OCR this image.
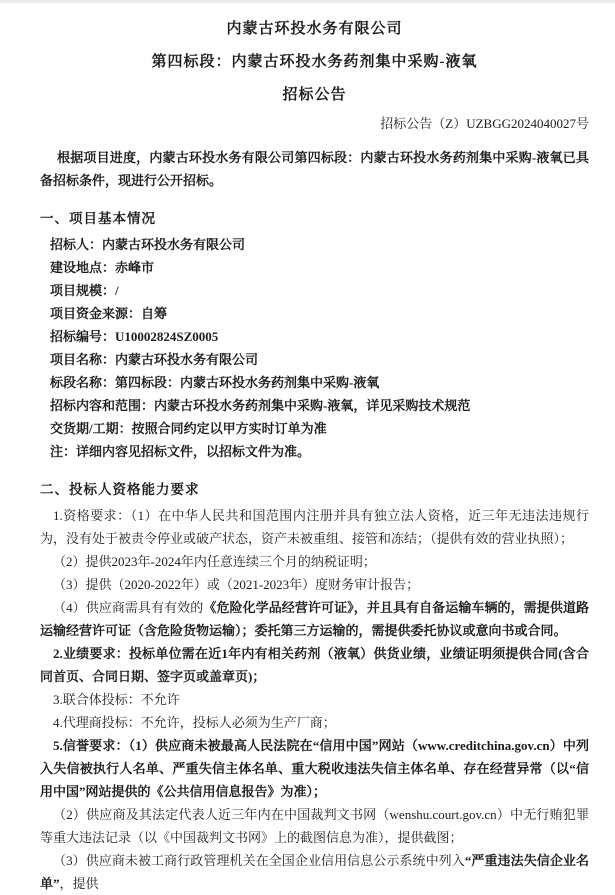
内蒙古环投水务有限公司
第四标段：内蒙古环投水务药剂集中采购-液氧
招标公告
招标公告（Z）UZBGG2024040027号

根据项目进度，内蒙古环投水务有限公司第四标段：内蒙古环投水务药剂集中采购-液氧已具备招标条件，现进行公开招标。

一、项目基本情况
招标人：内蒙古环投水务有限公司
建设地点：赤峰市
项目规模：/
项目资金来源：自筹
招标编号：U10002824SZ0005
项目名称：内蒙古环投水务有限公司
标段名称：第四标段：内蒙古环投水务药剂集中采购-液氧
招标内容和范围：内蒙古环投水务药剂集中采购-液氧，详见采购技术规范
交货期/工期：按照合同约定以甲方实时订单为准
注：详细内容见招标文件，以招标文件为准。
二、投标人资格能力要求

1.资格要求：（1）在中华人民共和国范围内注册并具有独立法人资格，近三年无违法违规行为，没有处于被责令停业或破产状态，资产未被重组、接管和冻结；（提供有效的营业执照）；

（2）提供2023年-2024年内任意连续三个月的纳税证明；

（3）提供（2020-2022年）或（2021-2023年）度财务审计报告；

（4）供应商需具有有效的《危险化学品经营许可证》，并且具有自备运输车辆的，需提供道路运输经营许可证（含危险货物运输）；委托第三方运输的，需提供委托协议或意向书或合同。

2.业绩要求：投标单位需在近1年内有相关药剂（液氧）供货业绩，业绩证明须提供合同(含合同首页、合同日期、签字页或盖章页)；

3.联合体投标：不允许

4.代理商投标：不允许，投标人必须为生产厂商；

5.信誉要求：（1）供应商未被最高人民法院在“信用中国”网站（www.creditchina.gov.cn）中列入失信被执行人名单、严重失信主体名单、重大税收违法失信主体名单、存在经营异常（以“信用中国”网站提供的《公共信用信息报告》为准）；

（2）供应商及其法定代表人近三年内在中国裁判文书网（wenshu.court.gov.cn）中无行贿犯罪等重大违法记录（以《中国裁判文书网》上的截图信息为准），提供截图；

（3）供应商未被工商行政管理机关在全国企业信用信息公示系统中列入“严重违法失信企业名单”，提供
